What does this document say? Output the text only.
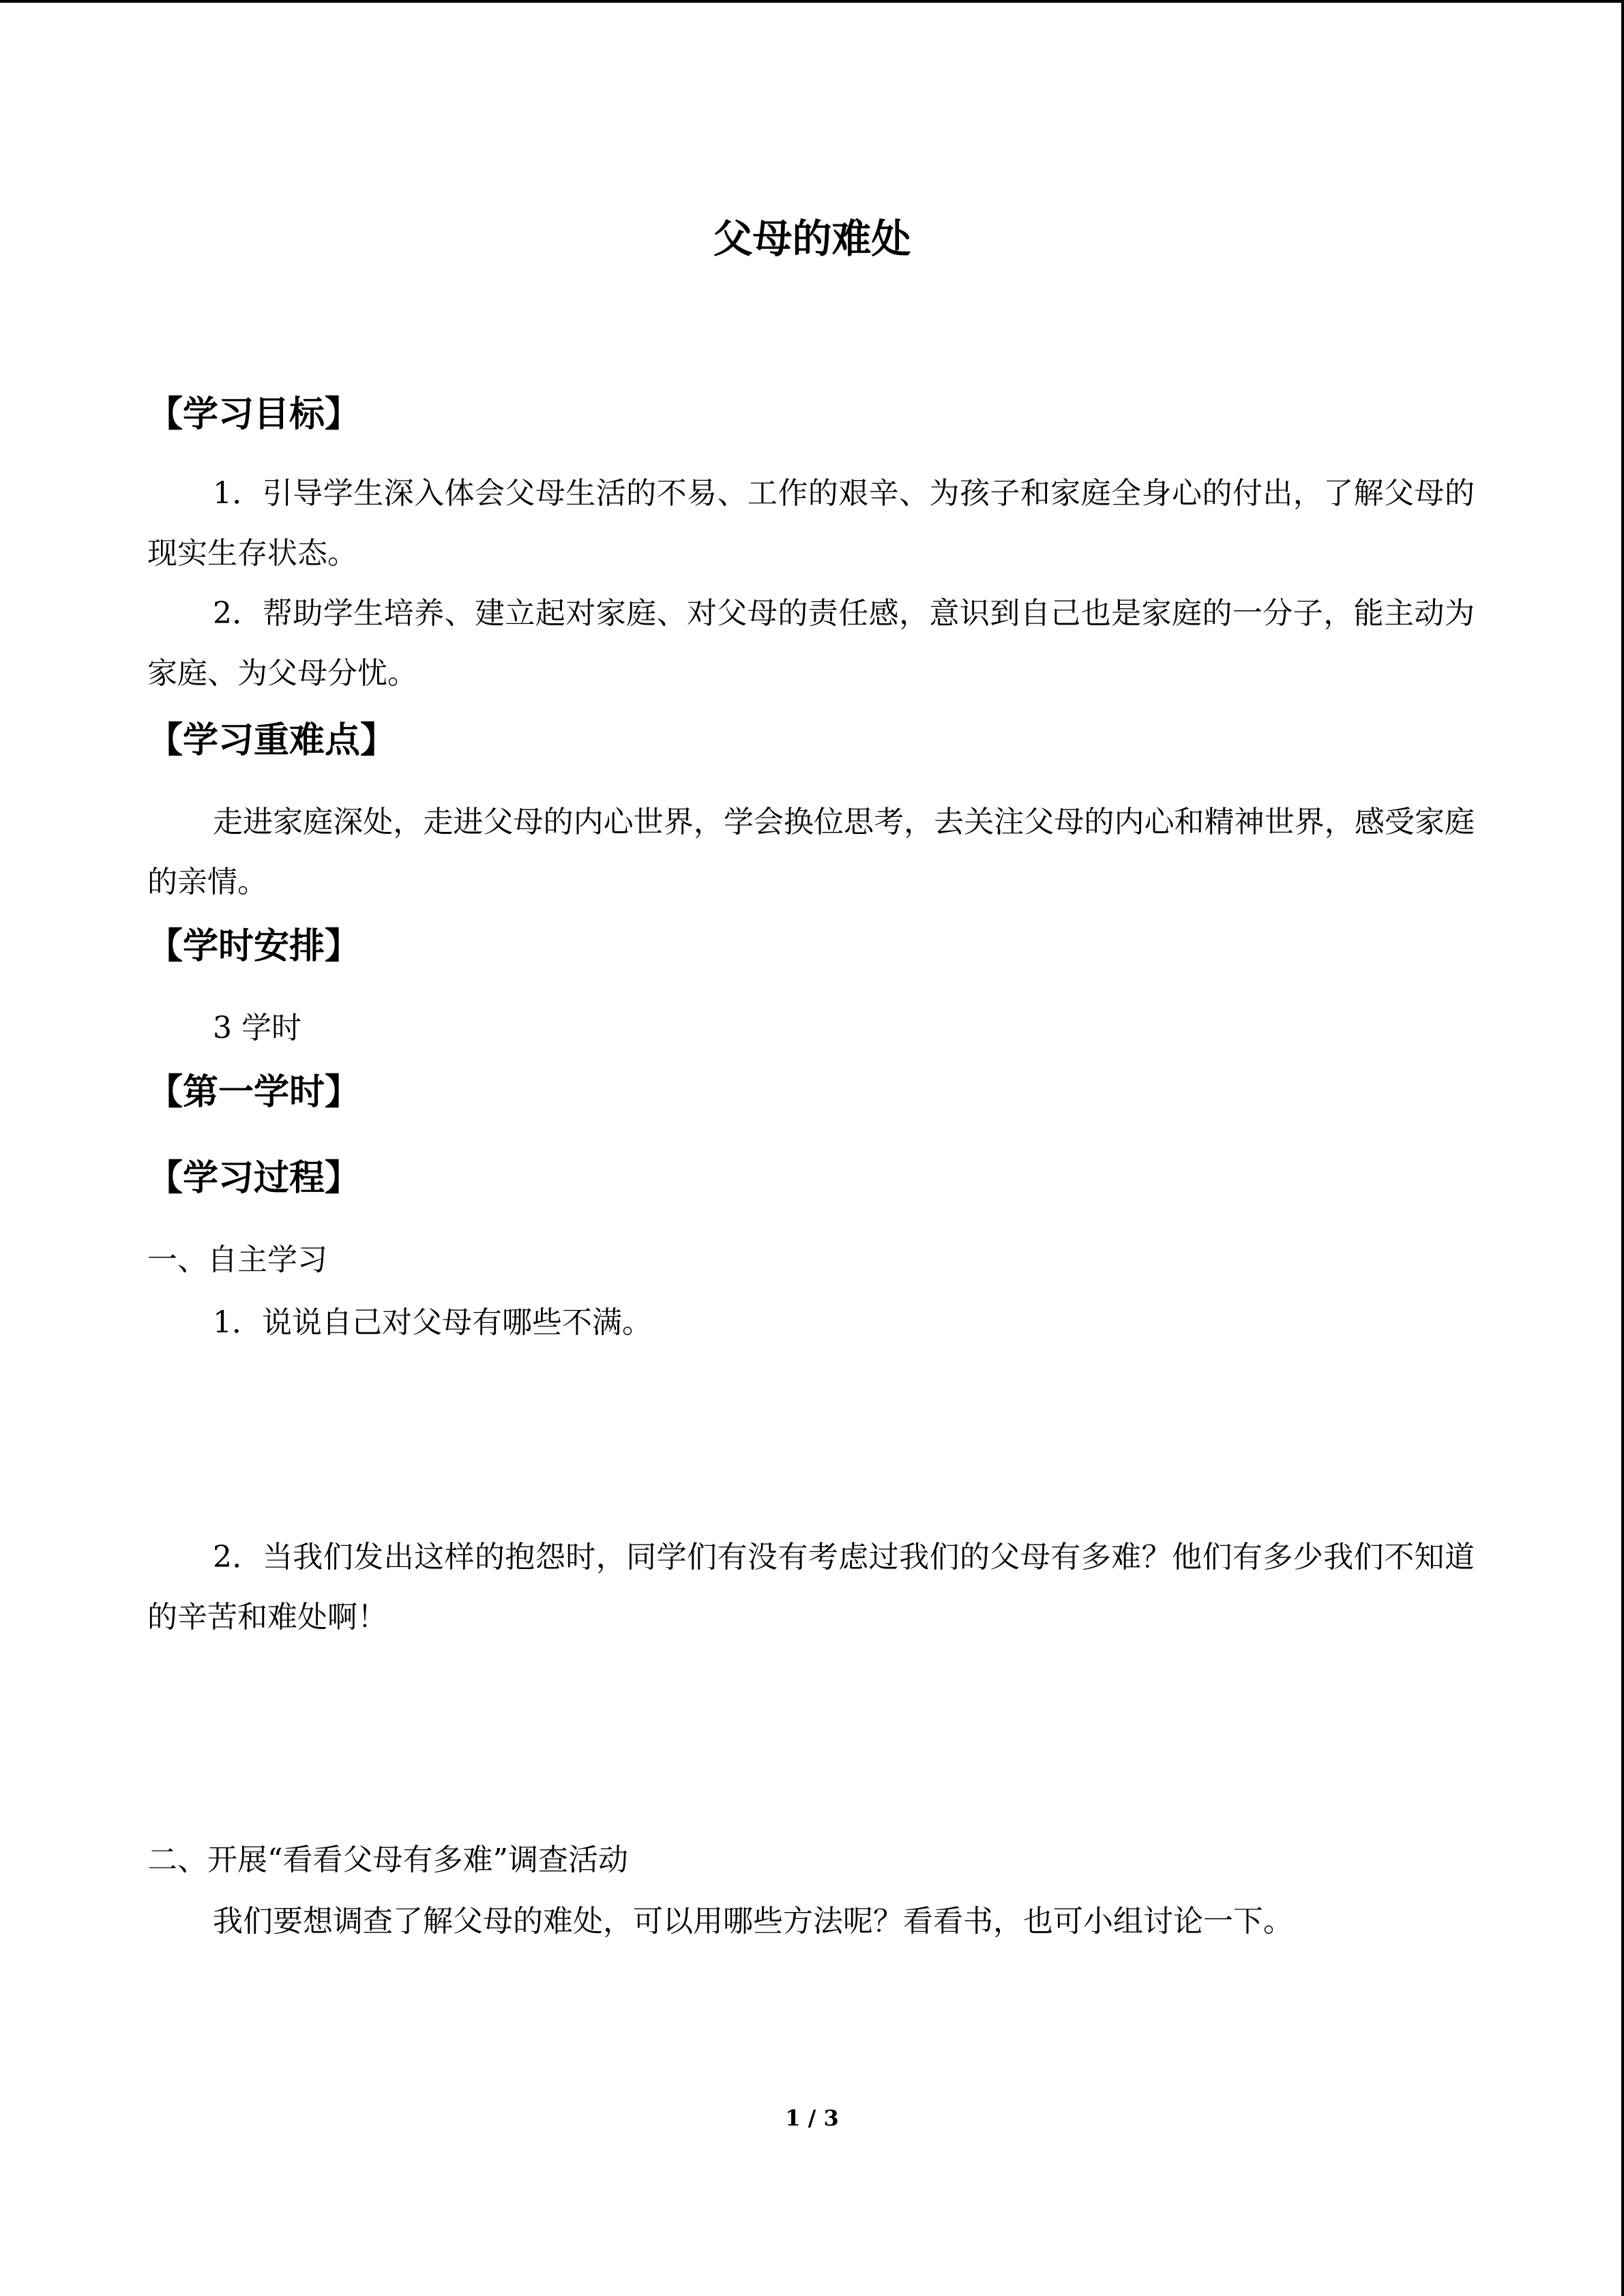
父母的难处
【学习目标】
1．引导学生深入体会父母生活的不易、工作的艰辛、为孩子和家庭全身心的付出，了解父母的现实生存状态。
2．帮助学生培养、建立起对家庭、对父母的责任感，意识到自己也是家庭的一分子，能主动为家庭、为父母分忧。
【学习重难点】
走进家庭深处，走进父母的内心世界，学会换位思考，去关注父母的内心和精神世界，感受家庭的亲情。
【学时安排】
3 学时
【第一学时】
【学习过程】
一、自主学习
1．说说自己对父母有哪些不满。
2．当我们发出这样的抱怨时，同学们有没有考虑过我们的父母有多难？他们有多少我们不知道的辛苦和难处啊！
二、开展“看看父母有多难”调查活动
我们要想调查了解父母的难处，可以用哪些方法呢？看看书，也可小组讨论一下。
1 / 3
